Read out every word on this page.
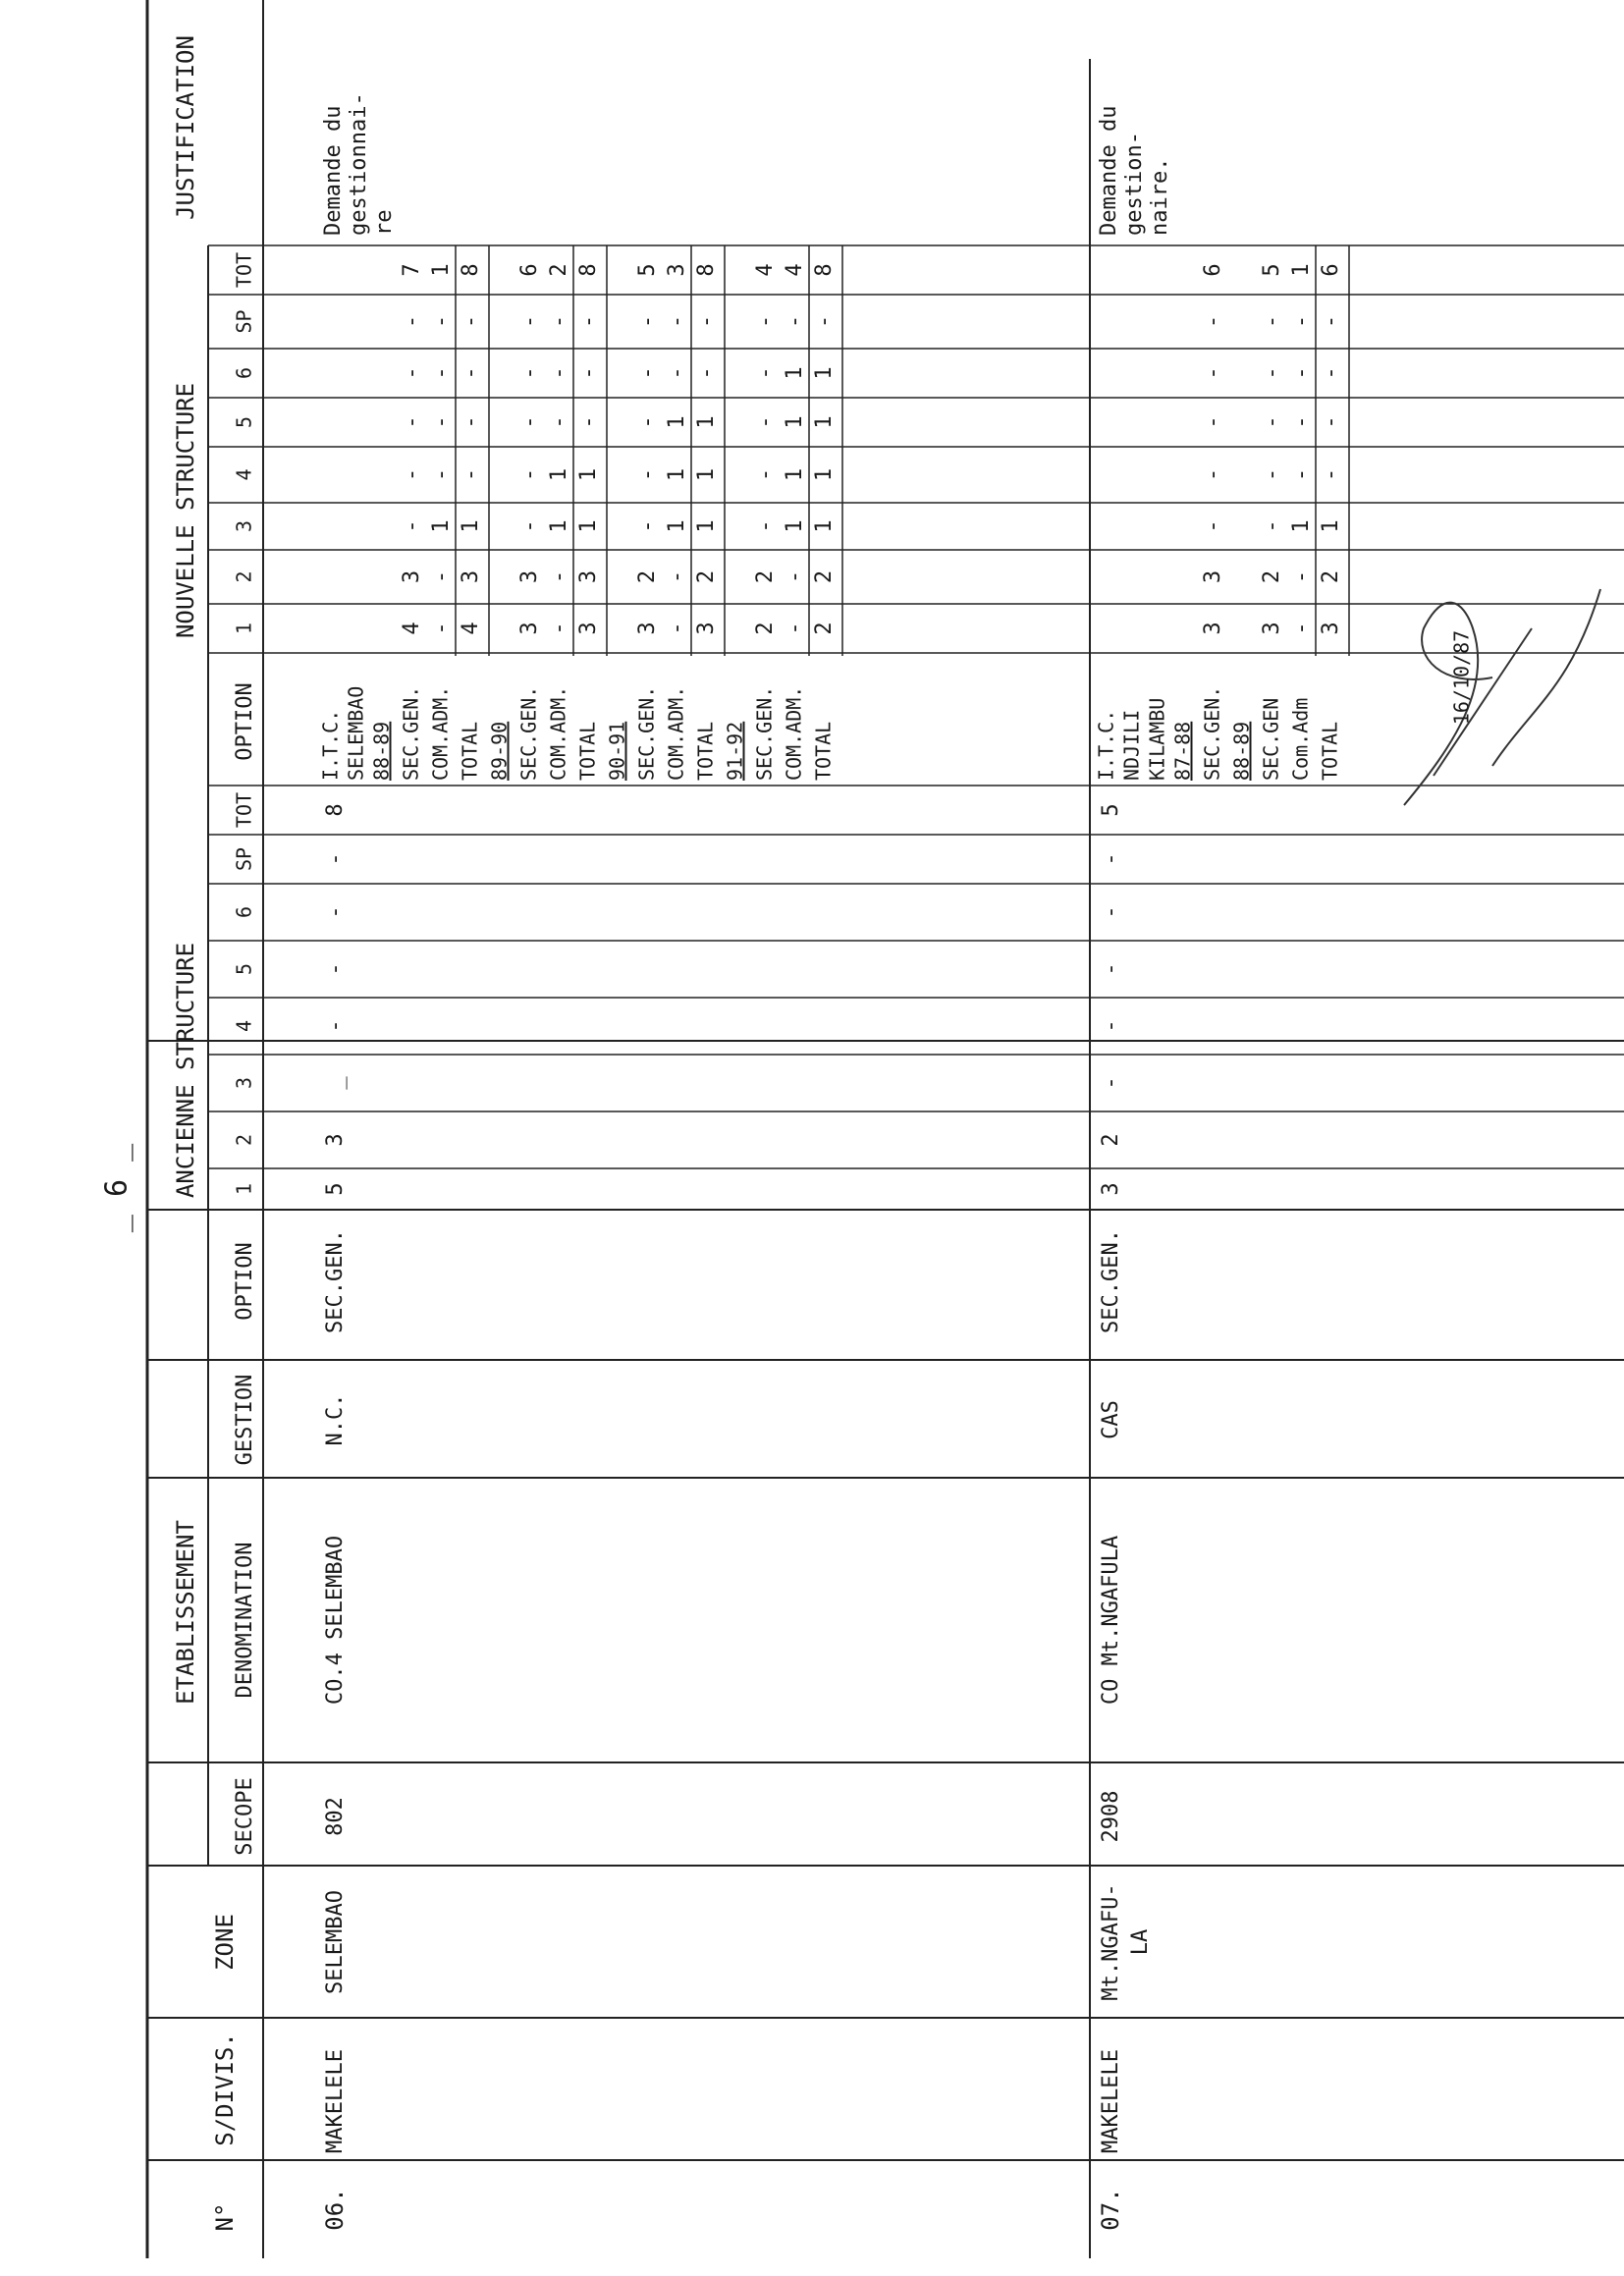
N°
S/DIVIS.
ZONE
ETABLISSEMENT
SECOPE
DENOMINATION
GESTION
ANCIENNE STRUCTURE
OPTION
1
2
3
4
5
6
SP
TOT
NOUVELLE STRUCTURE
OPTION
1
2
3
4
5
6
SP
TOT
JUSTIFICATION
06.
MAKELELE
SELEMBAO
802
CO.4 SELEMBAO
N.C.
SEC.GEN.
5
3
_
-
-
-
-
8
I.T.C. SELEMBAO 88-89 SEC.GEN.
4
3
-
-
-
-
-
7
COM.ADM.
-
-
1
-
-
-
-
1
TOTAL
4
3
1
-
-
-
-
8
89-90 SEC.GEN.
3
3
-
-
-
-
-
6
COM.ADM.
-
-
1
1
-
-
-
2
TOTAL
3
3
1
1
-
-
-
8
90-91 SEC.GEN.
3
2
-
-
-
-
-
5
COM.ADM.
-
-
1
1
1
-
-
3
TOTAL
3
2
1
1
1
-
-
8
91-92 SEC.GEN.
2
2
-
-
-
-
-
4
COM.ADM.
-
-
1
1
1
1
-
4
TOTAL
2
2
1
1
1
1
-
8
Demande du gestionnai- re
07.
MAKELELE
Mt.NGAFU- LA
2908
CO Mt.NGAFULA
CAS
SEC.GEN.
3
2
-
-
-
-
-
5
I.T.C. NDJILI KILAMBU 87-88 SEC.GEN.
3
3
-
-
-
-
-
6
88-89 SEC.GEN
3
2
-
-
-
-
-
5
Com.Adm
-
-
1
-
-
-
-
1
TOTAL
3
2
1
-
-
-
-
6
Demande du gestion- naire.
_ 6 _
16/10/87
